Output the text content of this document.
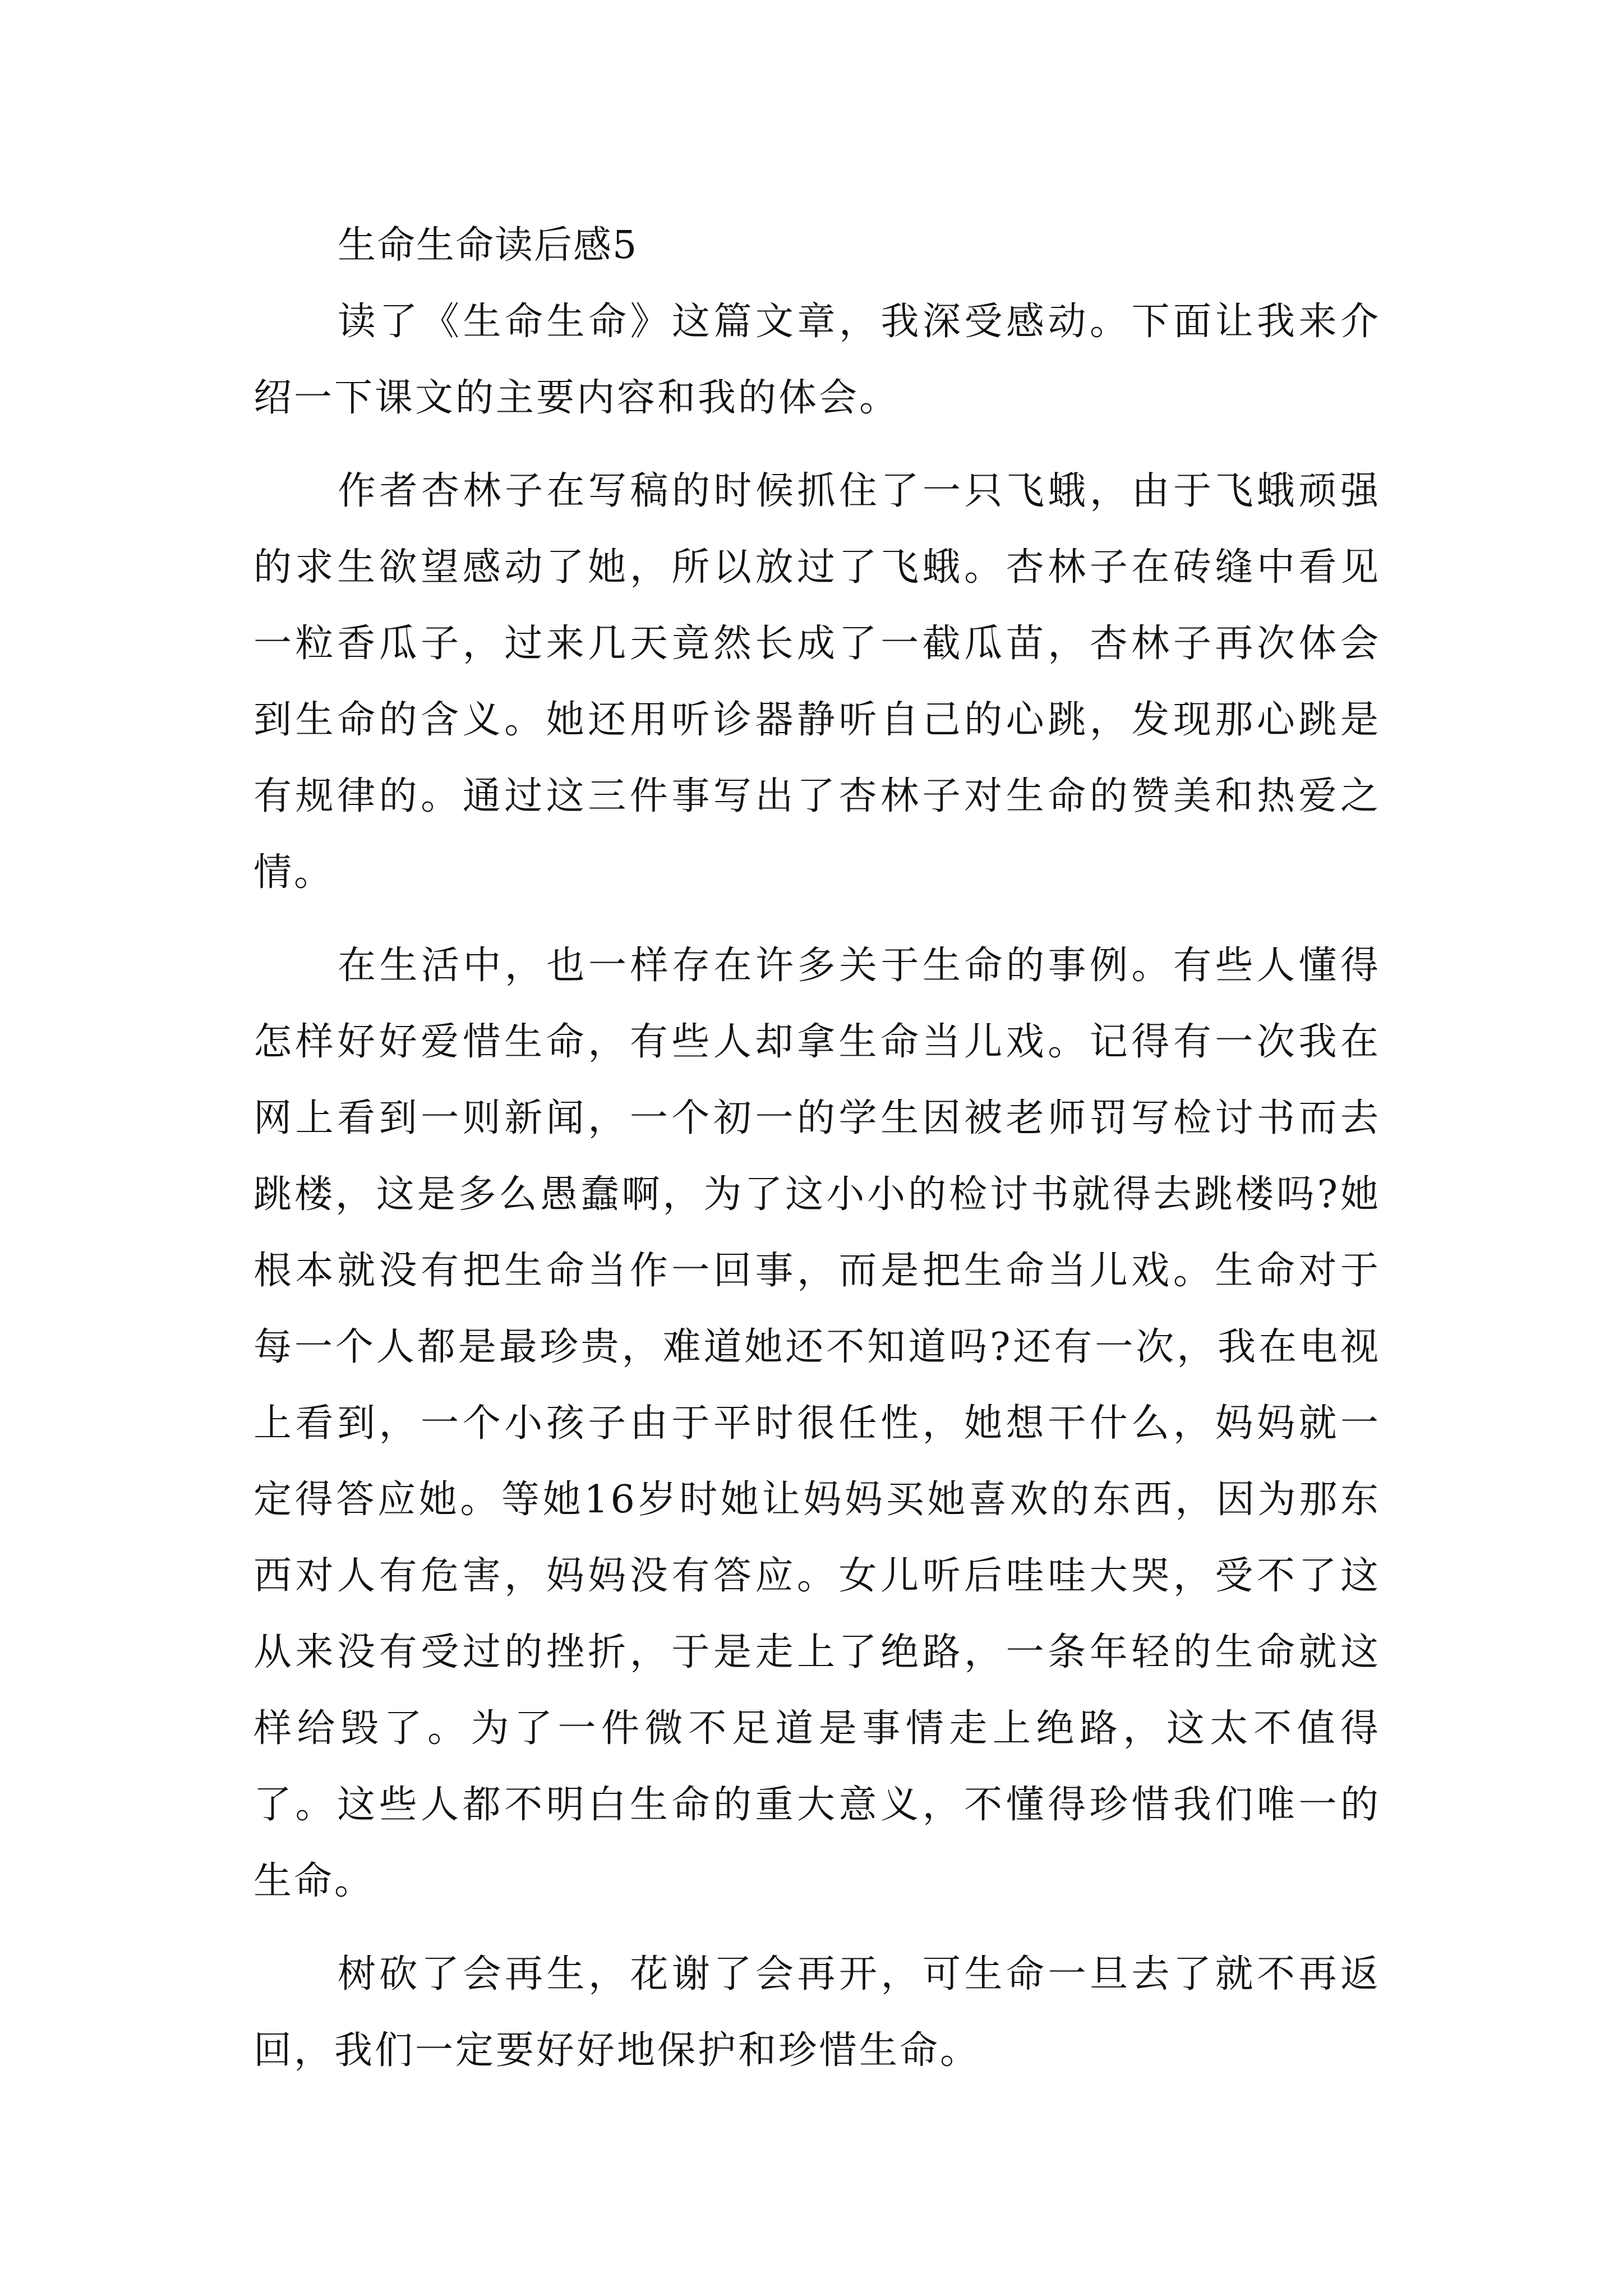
生命生命读后感5

读了《生命生命》这篇文章，我深受感动。下面让我来介绍一下课文的主要内容和我的体会。

作者杏林子在写稿的时候抓住了一只飞蛾，由于飞蛾顽强的求生欲望感动了她，所以放过了飞蛾。杏林子在砖缝中看见一粒香瓜子，过来几天竟然长成了一截瓜苗，杏林子再次体会到生命的含义。她还用听诊器静听自己的心跳，发现那心跳是有规律的。通过这三件事写出了杏林子对生命的赞美和热爱之情。

在生活中，也一样存在许多关于生命的事例。有些人懂得怎样好好爱惜生命，有些人却拿生命当儿戏。记得有一次我在网上看到一则新闻，一个初一的学生因被老师罚写检讨书而去跳楼，这是多么愚蠢啊，为了这小小的检讨书就得去跳楼吗?她根本就没有把生命当作一回事，而是把生命当儿戏。生命对于每一个人都是最珍贵，难道她还不知道吗?还有一次，我在电视上看到，一个小孩子由于平时很任性，她想干什么，妈妈就一定得答应她。等她16岁时她让妈妈买她喜欢的东西，因为那东西对人有危害，妈妈没有答应。女儿听后哇哇大哭，受不了这从来没有受过的挫折，于是走上了绝路，一条年轻的生命就这样给毁了。为了一件微不足道是事情走上绝路，这太不值得了。这些人都不明白生命的重大意义，不懂得珍惜我们唯一的生命。

树砍了会再生，花谢了会再开，可生命一旦去了就不再返回，我们一定要好好地保护和珍惜生命。
